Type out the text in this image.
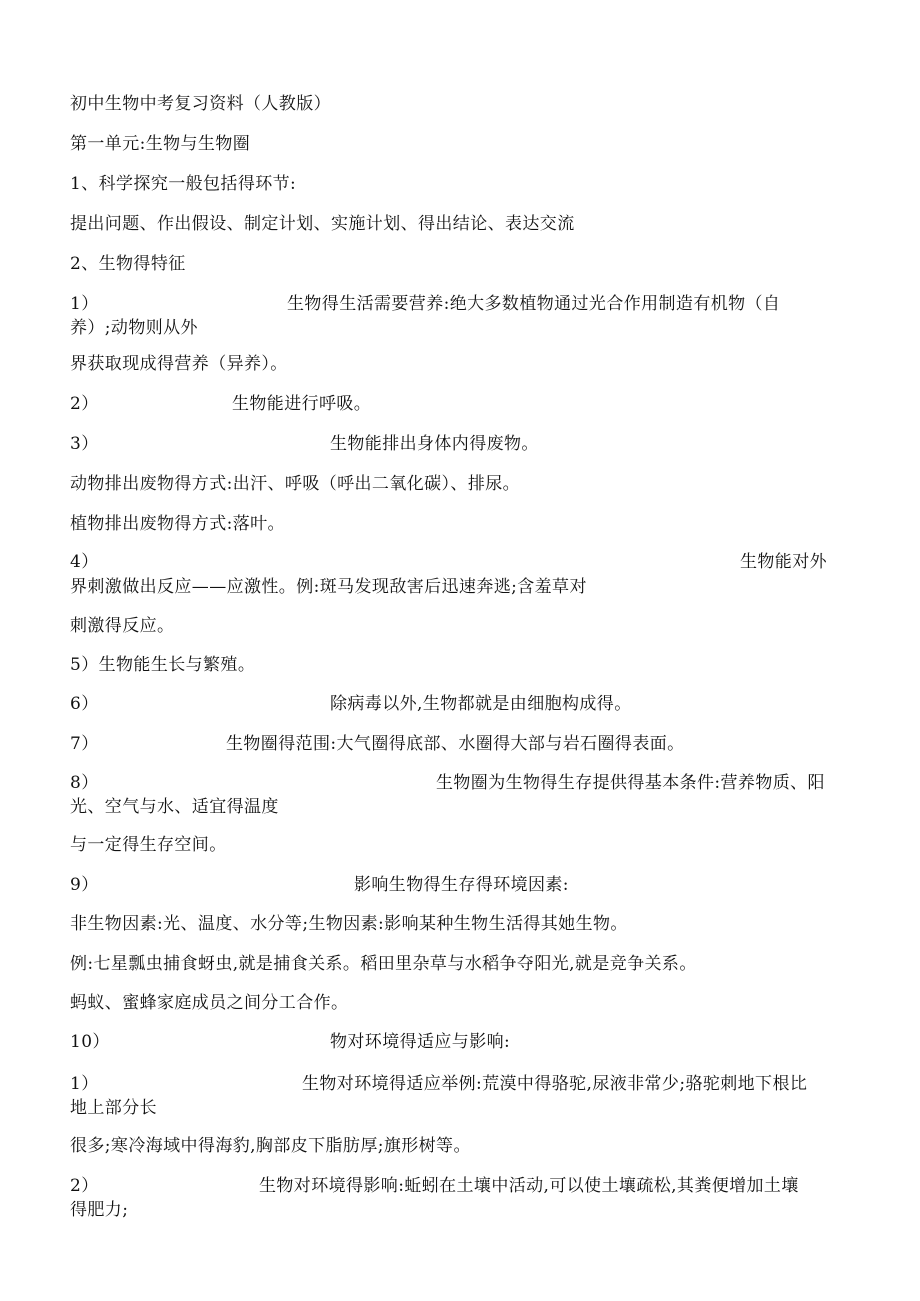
初中生物中考复习资料（人教版）
第一单元:生物与生物圈
1、科学探究一般包括得环节:
提出问题、作出假设、制定计划、实施计划、得出结论、表达交流
2、生物得特征
1）	生物得生活需要营养:绝大多数植物通过光合作用制造有机物（自
养）;动物则从外
界获取现成得营养（异养）。
2）	生物能进行呼吸。
3）	生物能排出身体内得废物。
动物排出废物得方式:出汗、呼吸（呼出二氧化碳）、排尿。
植物排出废物得方式:落叶。
4）	生物能对外
界刺激做出反应——应激性。例:斑马发现敌害后迅速奔逃;含羞草对
刺激得反应。
5）生物能生长与繁殖。
6）	除病毒以外,生物都就是由细胞构成得。
7）	生物圈得范围:大气圈得底部、水圈得大部与岩石圈得表面。
8）	生物圈为生物得生存提供得基本条件:营养物质、阳
光、空气与水、适宜得温度
与一定得生存空间。
9）	影响生物得生存得环境因素:
非生物因素:光、温度、水分等;生物因素:影响某种生物生活得其她生物。
例:七星瓢虫捕食蚜虫,就是捕食关系。稻田里杂草与水稻争夺阳光,就是竞争关系。
蚂蚁、蜜蜂家庭成员之间分工合作。
10）	物对环境得适应与影响:
1）	生物对环境得适应举例:荒漠中得骆驼,尿液非常少;骆驼刺地下根比
地上部分长
很多;寒冷海域中得海豹,胸部皮下脂肪厚;旗形树等。
2）	生物对环境得影响:蚯蚓在土壤中活动,可以使土壤疏松,其粪便增加土壤
得肥力;
